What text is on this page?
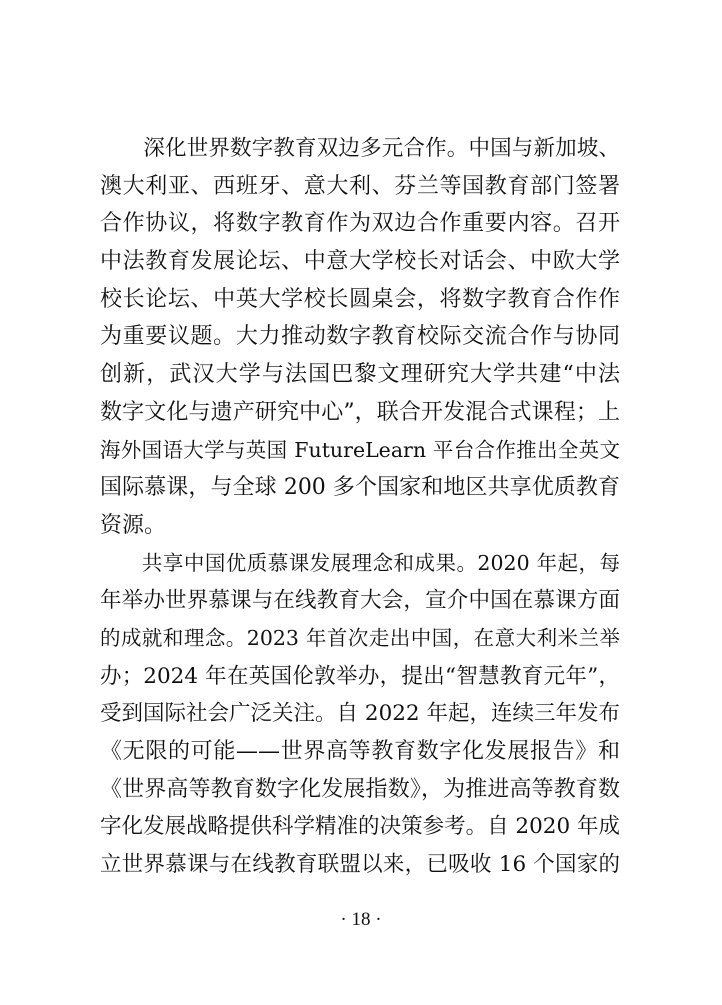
　　深化世界数字教育双边多元合作。中国与新加坡、
澳大利亚、西班牙、意大利、芬兰等国教育部门签署
合作协议，将数字教育作为双边合作重要内容。召开
中法教育发展论坛、中意大学校长对话会、中欧大学
校长论坛、中英大学校长圆桌会，将数字教育合作作
为重要议题。大力推动数字教育校际交流合作与协同
创新，武汉大学与法国巴黎文理研究大学共建“中法
数字文化与遗产研究中心”，联合开发混合式课程；上
海外国语大学与英国 FutureLearn 平台合作推出全英文
国际慕课，与全球 200 多个国家和地区共享优质教育
资源。
　　共享中国优质慕课发展理念和成果。2020 年起，每
年举办世界慕课与在线教育大会，宣介中国在慕课方面
的成就和理念。2023 年首次走出中国，在意大利米兰举
办；2024 年在英国伦敦举办，提出“智慧教育元年”，
受到国际社会广泛关注。自 2022 年起，连续三年发布
《无限的可能——世界高等教育数字化发展报告》和
《世界高等教育数字化发展指数》，为推进高等教育数
字化发展战略提供科学精准的决策参考。自 2020 年成
立世界慕课与在线教育联盟以来，已吸收 16 个国家的
· 18 ·
